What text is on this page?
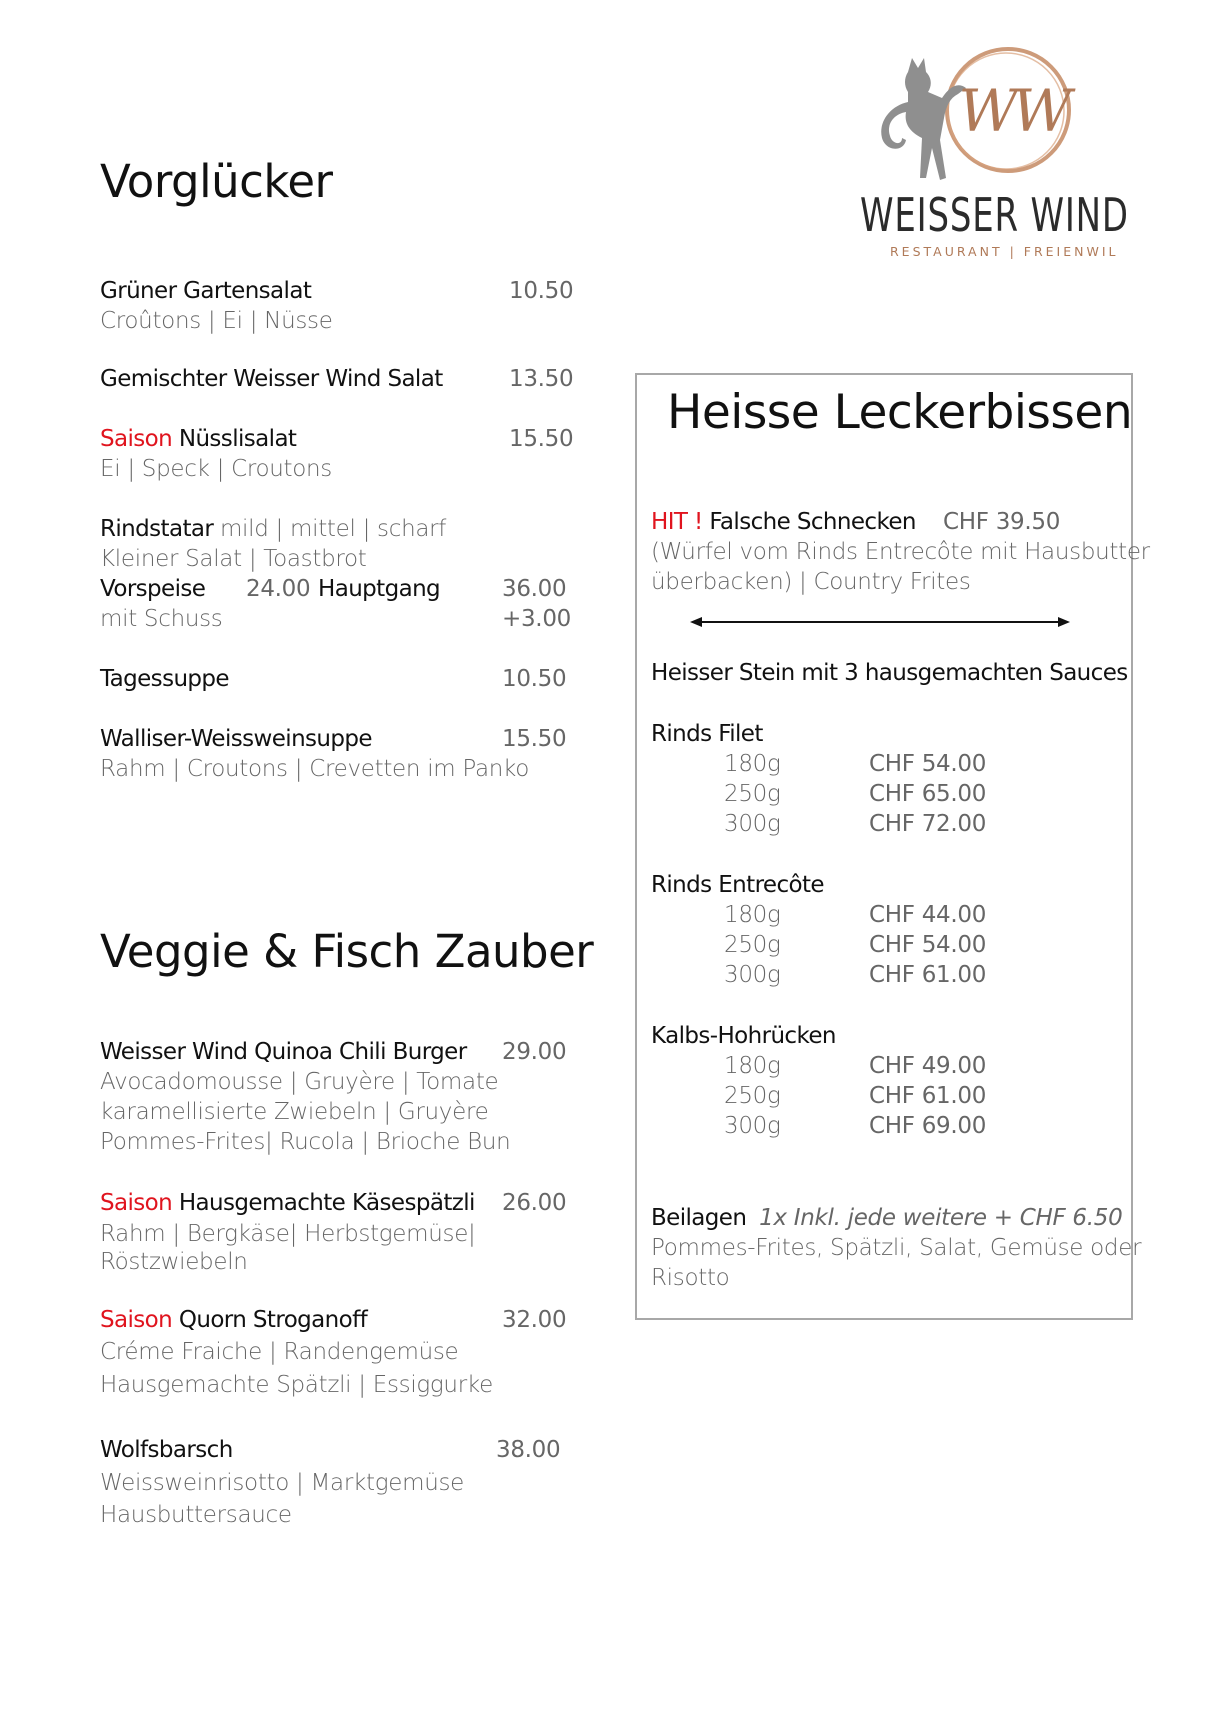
WW
WEISSER WIND
RESTAURANT | FREIENWIL
Vorglücker
Grüner Gartensalat	10.50
Croûtons | Ei | Nüsse
Gemischter Weisser Wind Salat	13.50
Saison Nüsslisalat	15.50
Ei | Speck | Croutons
Rindstatar mild | mittel | scharf
Kleiner Salat | Toastbrot
Vorspeise 24.00 Hauptgang	36.00
mit Schuss	+3.00
Tagessuppe	10.50
Walliser-Weissweinsuppe	15.50
Rahm | Croutons | Crevetten im Panko
Veggie & Fisch Zauber
Weisser Wind Quinoa Chili Burger 29.00
Avocadomousse | Gruyère | Tomate
karamellisierte Zwiebeln | Gruyère
Pommes-Frites| Rucola | Brioche Bun
Saison Hausgemachte Käsespätzli 26.00
Rahm | Bergkäse| Herbstgemüse|
Röstzwiebeln
Saison Quorn Stroganoff	32.00
Créme Fraiche | Randengemüse
Hausgemachte Spätzli | Essiggurke
Wolfsbarsch	38.00
Weissweinrisotto | Marktgemüse
Hausbuttersauce
Heisse Leckerbissen
HIT ! Falsche Schnecken CHF 39.50
(Würfel vom Rinds Entrecôte mit Hausbutter
überbacken) | Country Frites
Heisser Stein mit 3 hausgemachten Sauces
Rinds Filet
180g	CHF 54.00
250g	CHF 65.00
300g	CHF 72.00
Rinds Entrecôte
180g	CHF 44.00
250g	CHF 54.00
300g	CHF 61.00
Kalbs-Hohrücken
180g	CHF 49.00
250g	CHF 61.00
300g	CHF 69.00
Beilagen 1x Inkl. jede weitere + CHF 6.50
Pommes-Frites, Spätzli, Salat, Gemüse oder
Risotto
